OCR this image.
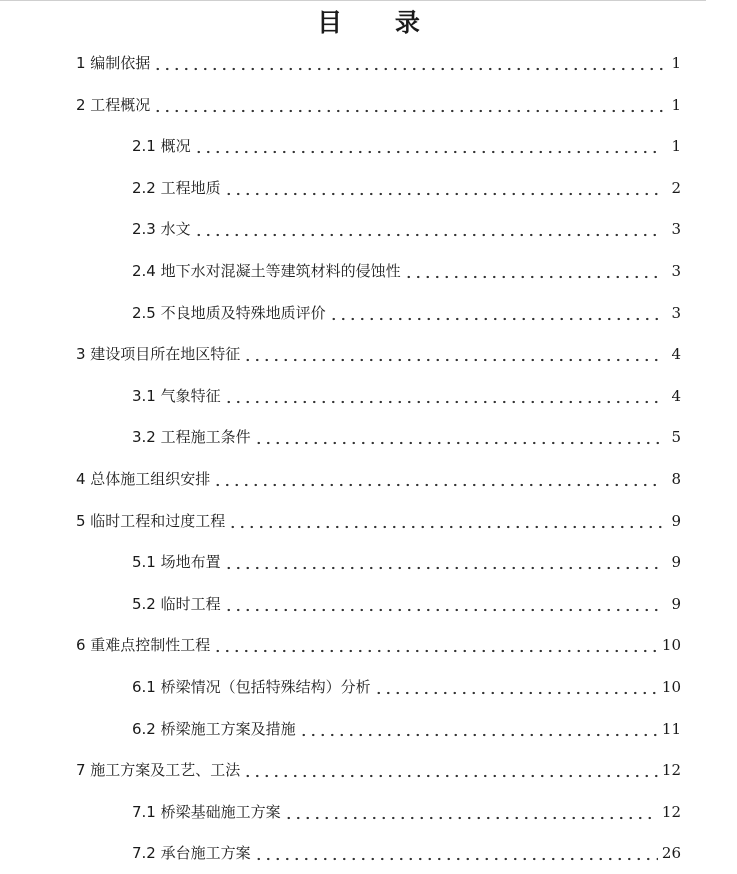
目 录
1 编制依据	1
2 工程概况	1
2.1 概况	1
2.2 工程地质	2
2.3 水文	3
2.4 地下水对混凝土等建筑材料的侵蚀性	3
2.5 不良地质及特殊地质评价	3
3 建设项目所在地区特征	4
3.1 气象特征	4
3.2 工程施工条件	5
4 总体施工组织安排	8
5 临时工程和过度工程	9
5.1 场地布置	9
5.2 临时工程	9
6 重难点控制性工程	10
6.1 桥梁情况（包括特殊结构）分析	10
6.2 桥梁施工方案及措施	11
7 施工方案及工艺、工法	12
7.1 桥梁基础施工方案	12
7.2 承台施工方案	26
